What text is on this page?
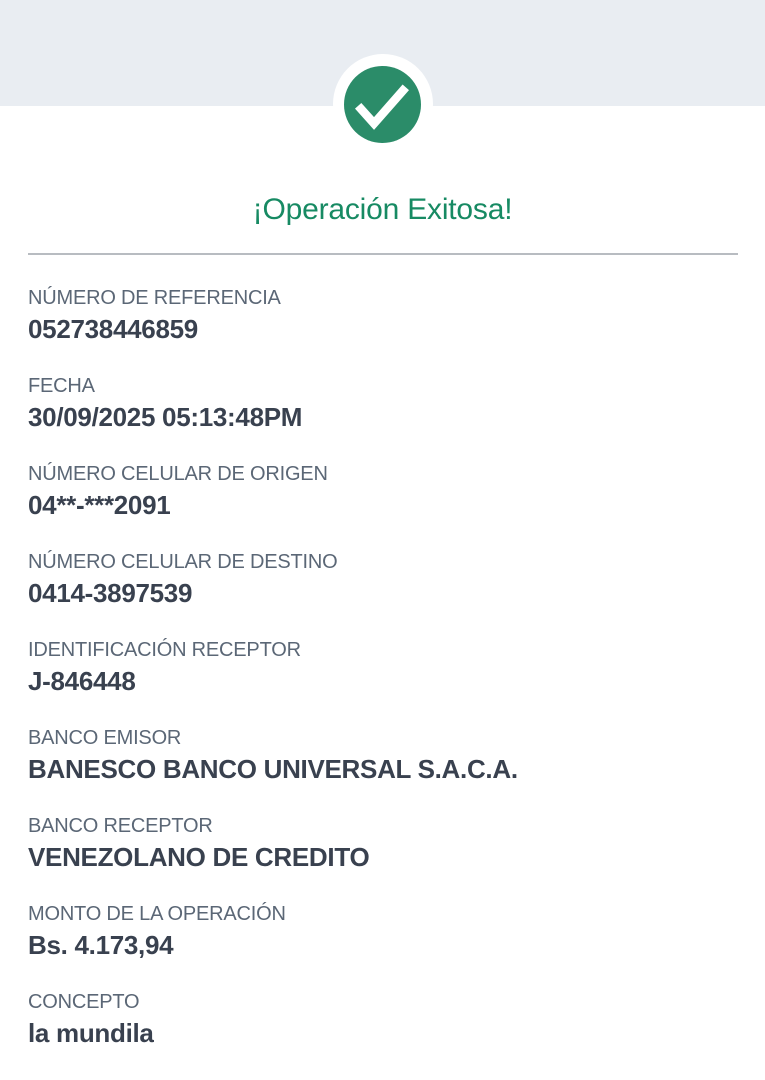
¡Operación Exitosa!
NÚMERO DE REFERENCIA
052738446859
FECHA
30/09/2025 05:13:48PM
NÚMERO CELULAR DE ORIGEN
04**-***2091
NÚMERO CELULAR DE DESTINO
0414-3897539
IDENTIFICACIÓN RECEPTOR
J-846448
BANCO EMISOR
BANESCO BANCO UNIVERSAL S.A.C.A.
BANCO RECEPTOR
VENEZOLANO DE CREDITO
MONTO DE LA OPERACIÓN
Bs. 4.173,94
CONCEPTO
la mundila
